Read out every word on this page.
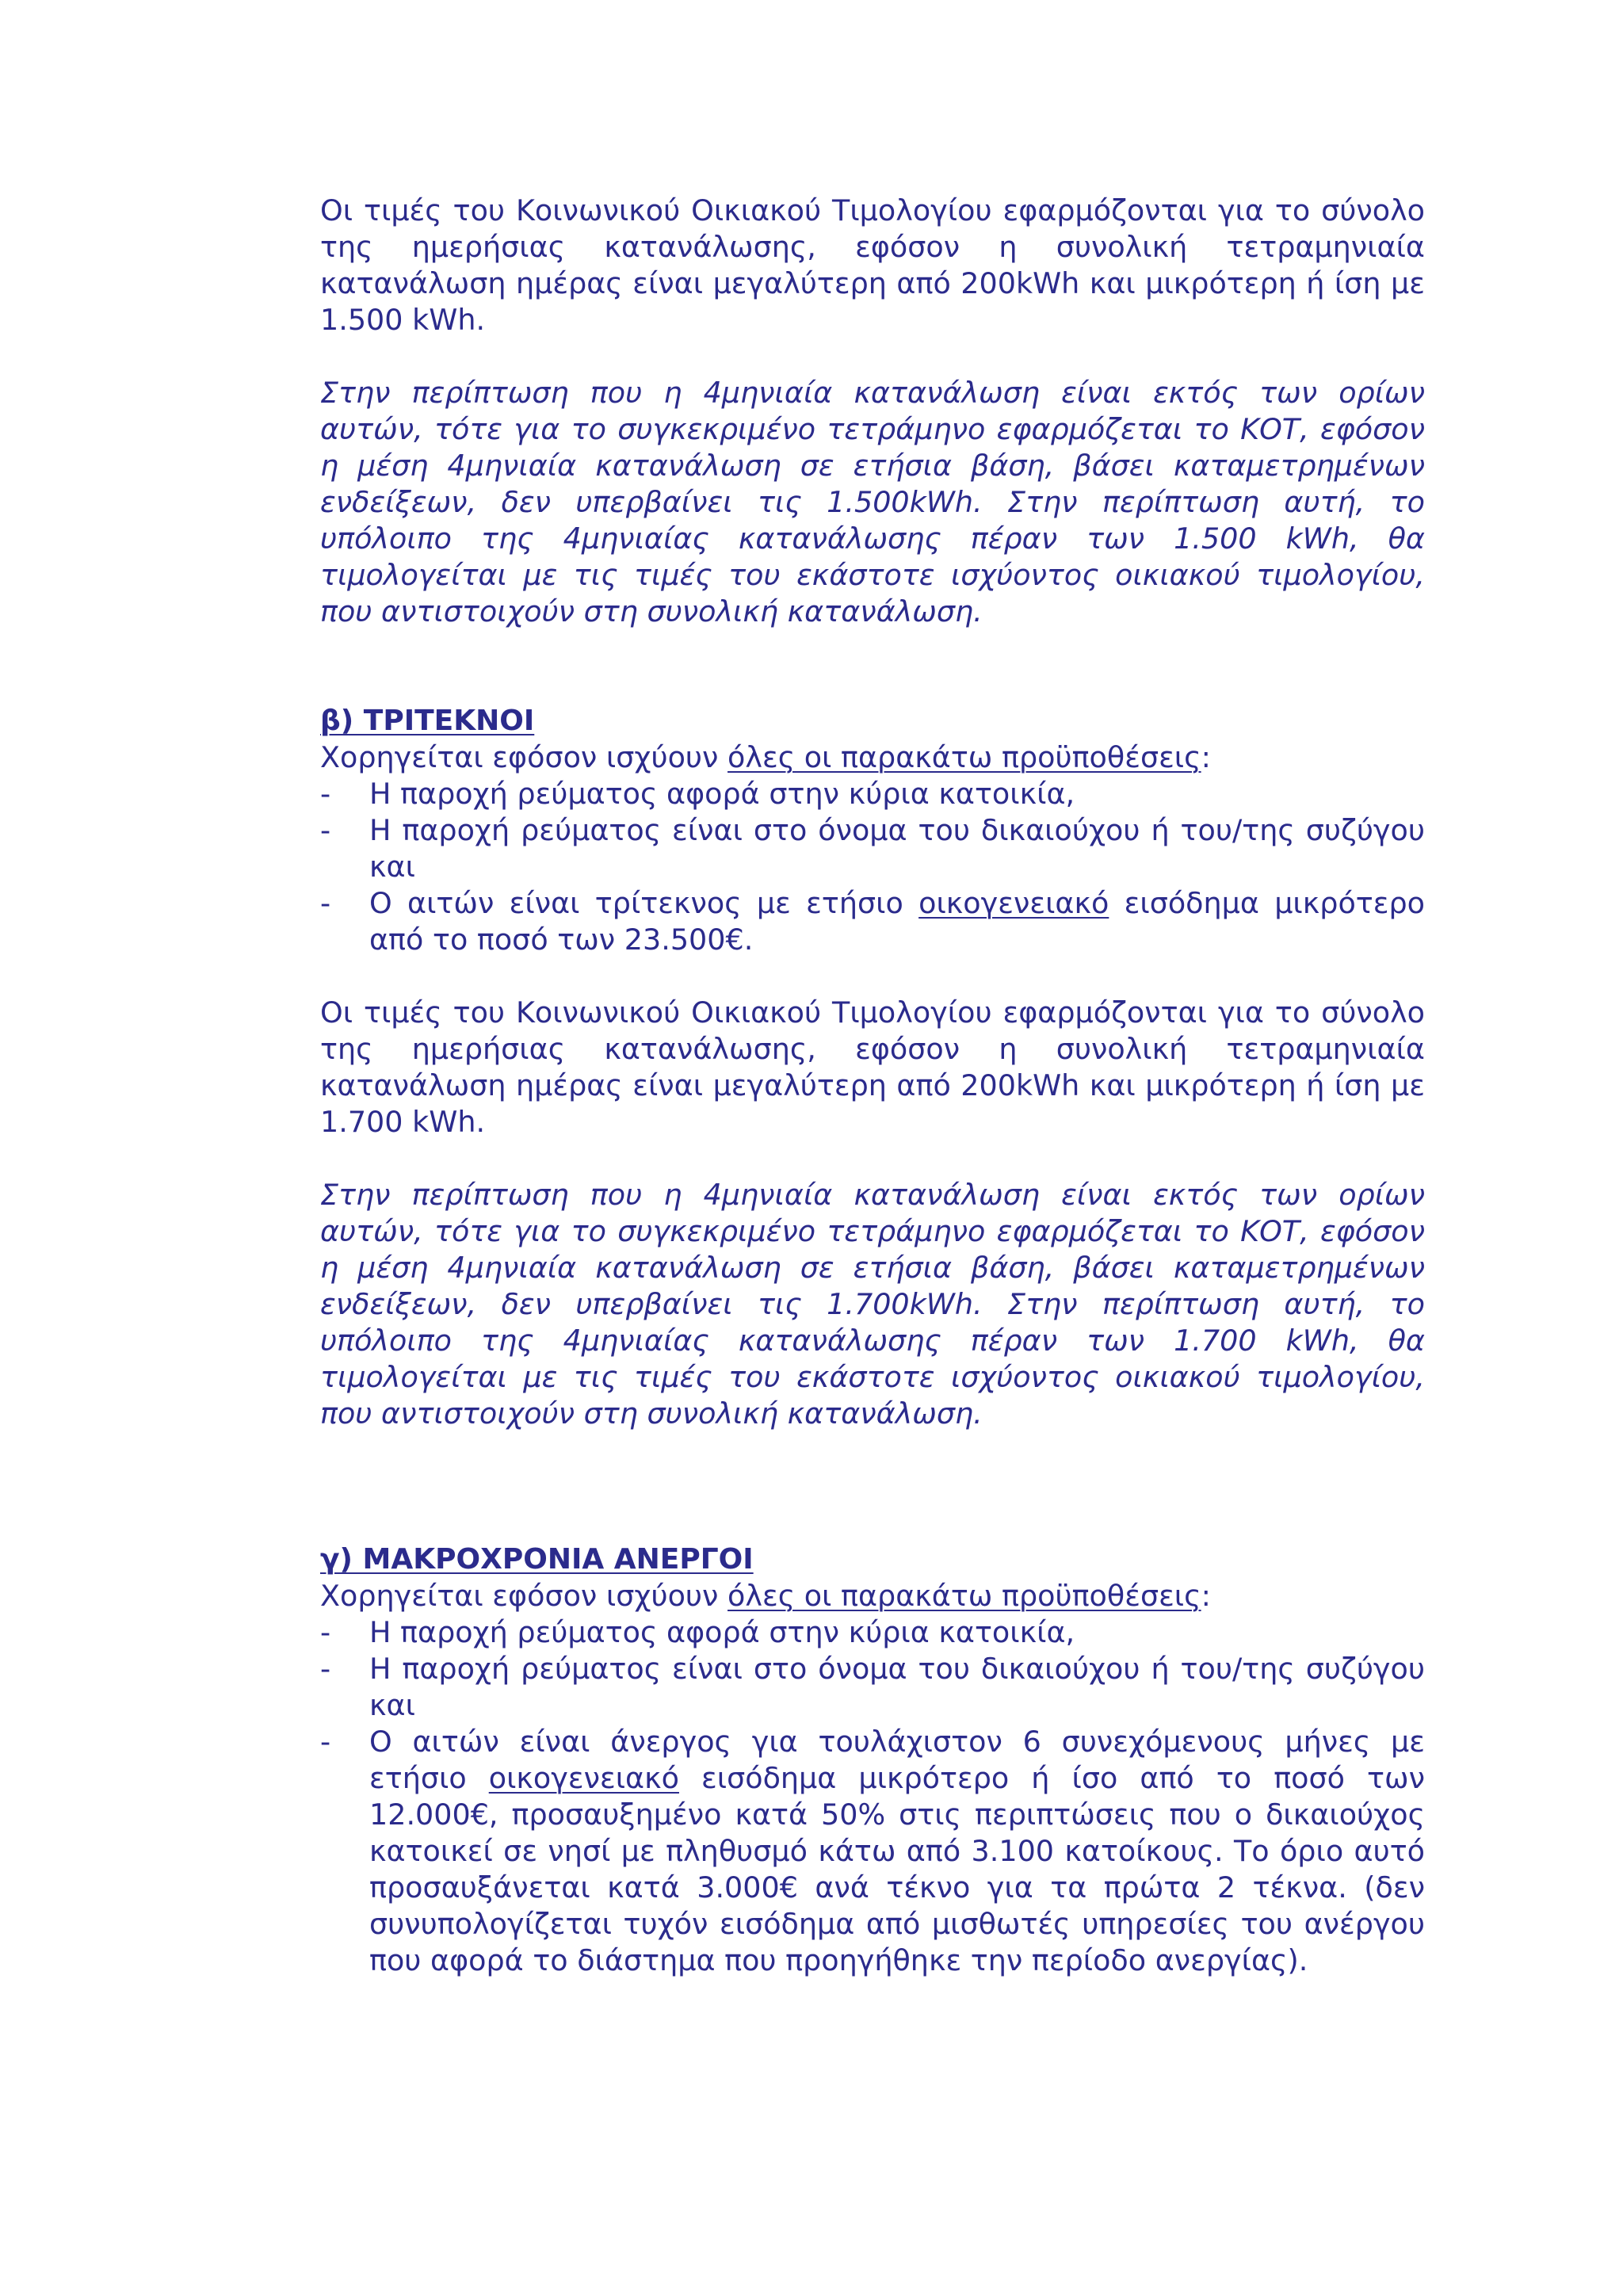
Οι τιμές του Κοινωνικού Οικιακού Τιμολογίου εφαρμόζονται για το σύνολο της ημερήσιας κατανάλωσης, εφόσον η συνολική τετραμηνιαία κατανάλωση ημέρας είναι μεγαλύτερη από 200kWh και μικρότερη ή ίση με 1.500 kWh.

Στην περίπτωση που η 4μηνιαία κατανάλωση είναι εκτός των ορίων αυτών, τότε για το συγκεκριμένο τετράμηνο εφαρμόζεται το ΚΟΤ, εφόσον η μέση 4μηνιαία κατανάλωση σε ετήσια βάση, βάσει καταμετρημένων ενδείξεων, δεν υπερβαίνει τις 1.500kWh. Στην περίπτωση αυτή, το υπόλοιπο της 4μηνιαίας κατανάλωσης πέραν των 1.500 kWh, θα τιμολογείται με τις τιμές του εκάστοτε ισχύοντος οικιακού τιμολογίου, που αντιστοιχούν στη συνολική κατανάλωση.

β) ΤΡΙΤΕΚΝΟΙ

Χορηγείται εφόσον ισχύουν όλες οι παρακάτω προϋποθέσεις:

- Η παροχή ρεύματος αφορά στην κύρια κατοικία,
- Η παροχή ρεύματος είναι στο όνομα του δικαιούχου ή του/της συζύγου και
- Ο αιτών είναι τρίτεκνος με ετήσιο οικογενειακό εισόδημα μικρότερο από το ποσό των 23.500€.

Οι τιμές του Κοινωνικού Οικιακού Τιμολογίου εφαρμόζονται για το σύνολο της ημερήσιας κατανάλωσης, εφόσον η συνολική τετραμηνιαία κατανάλωση ημέρας είναι μεγαλύτερη από 200kWh και μικρότερη ή ίση με 1.700 kWh.

Στην περίπτωση που η 4μηνιαία κατανάλωση είναι εκτός των ορίων αυτών, τότε για το συγκεκριμένο τετράμηνο εφαρμόζεται το ΚΟΤ, εφόσον η μέση 4μηνιαία κατανάλωση σε ετήσια βάση, βάσει καταμετρημένων ενδείξεων, δεν υπερβαίνει τις 1.700kWh. Στην περίπτωση αυτή, το υπόλοιπο της 4μηνιαίας κατανάλωσης πέραν των 1.700 kWh, θα τιμολογείται με τις τιμές του εκάστοτε ισχύοντος οικιακού τιμολογίου, που αντιστοιχούν στη συνολική κατανάλωση.

γ) ΜΑΚΡΟΧΡΟΝΙΑ ΑΝΕΡΓΟΙ

Χορηγείται εφόσον ισχύουν όλες οι παρακάτω προϋποθέσεις:

- Η παροχή ρεύματος αφορά στην κύρια κατοικία,
- Η παροχή ρεύματος είναι στο όνομα του δικαιούχου ή του/της συζύγου και
- Ο αιτών είναι άνεργος για τουλάχιστον 6 συνεχόμενους μήνες με ετήσιο οικογενειακό εισόδημα μικρότερο ή ίσο από το ποσό των 12.000€, προσαυξημένο κατά 50% στις περιπτώσεις που ο δικαιούχος κατοικεί σε νησί με πληθυσμό κάτω από 3.100 κατοίκους. Το όριο αυτό προσαυξάνεται κατά 3.000€ ανά τέκνο για τα πρώτα 2 τέκνα. (δεν συνυπολογίζεται τυχόν εισόδημα από μισθωτές υπηρεσίες του ανέργου που αφορά το διάστημα που προηγήθηκε την περίοδο ανεργίας).
